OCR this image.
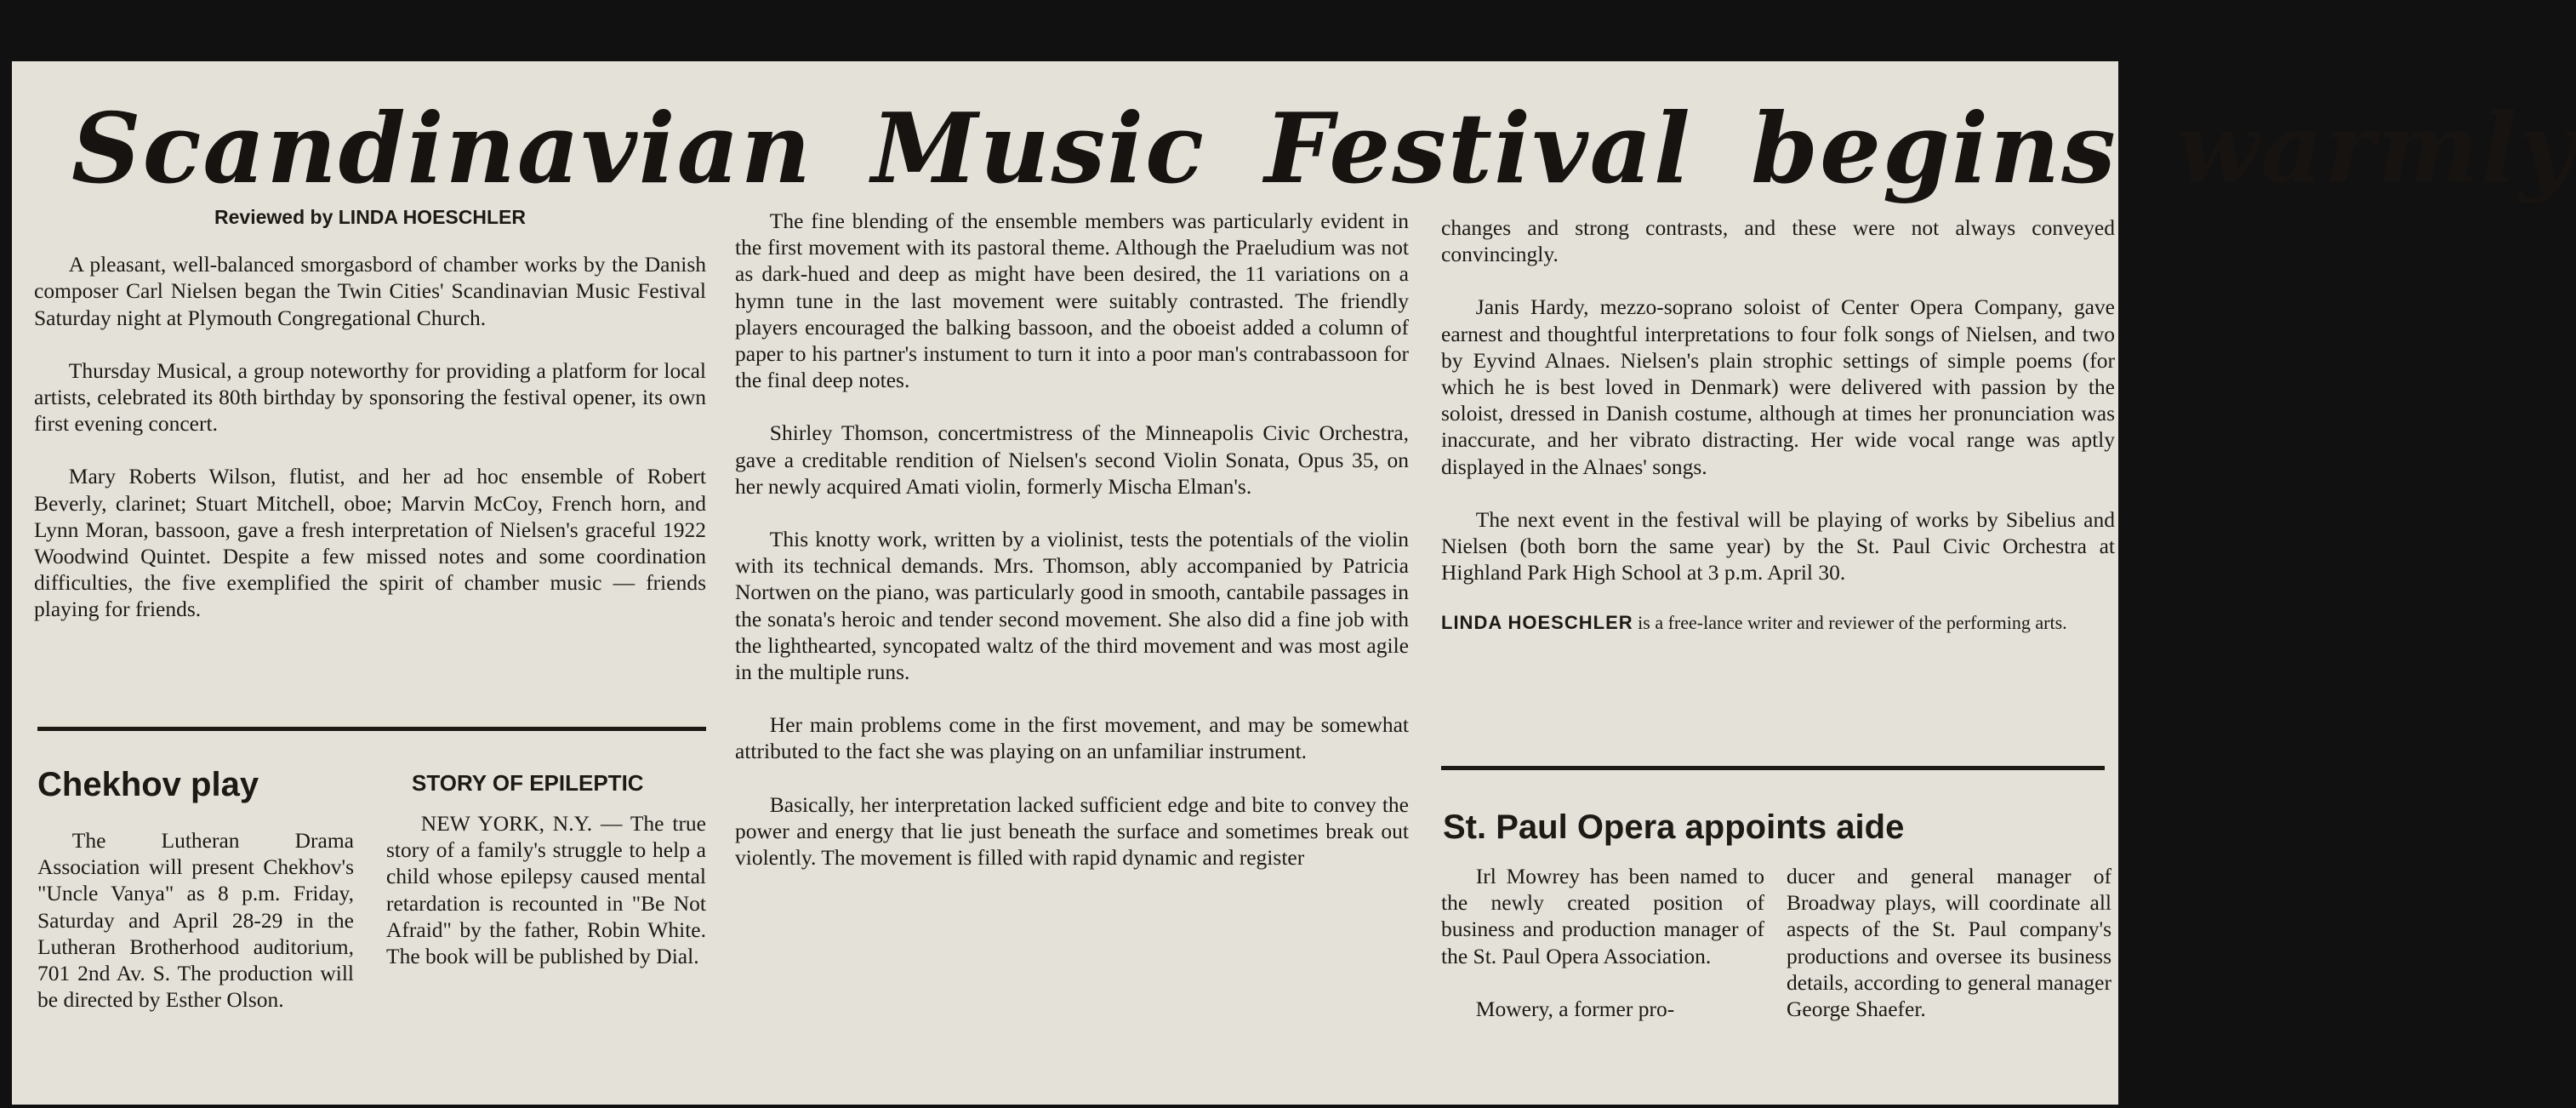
Scandinavian Music Festival begins warmly
Reviewed by LINDA HOESCHLER

A pleasant, well-balanced smorgasbord of chamber works by the Danish composer Carl Nielsen began the Twin Cities' Scandinavian Music Festival Saturday night at Plymouth Congregational Church.

Thursday Musical, a group noteworthy for providing a platform for local artists, celebrated its 80th birthday by sponsoring the festival opener, its own first evening concert.

Mary Roberts Wilson, flutist, and her ad hoc ensemble of Robert Beverly, clarinet; Stuart Mitchell, oboe; Marvin McCoy, French horn, and Lynn Moran, bassoon, gave a fresh interpretation of Nielsen's graceful 1922 Woodwind Quintet. Despite a few missed notes and some coordination difficulties, the five exemplified the spirit of chamber music — friends playing for friends.

Chekhov play

The Lutheran Drama Association will present Chekhov's "Uncle Vanya" as 8 p.m. Friday, Saturday and April 28-29 in the Lutheran Brotherhood auditorium, 701 2nd Av. S. The production will be directed by Esther Olson.

STORY OF EPILEPTIC

NEW YORK, N.Y. — The true story of a family's struggle to help a child whose epilepsy caused mental retardation is recounted in "Be Not Afraid" by the father, Robin White. The book will be published by Dial.

The fine blending of the ensemble members was particularly evident in the first movement with its pastoral theme. Although the Praeludium was not as dark-hued and deep as might have been desired, the 11 variations on a hymn tune in the last movement were suitably contrasted. The friendly players encouraged the balking bassoon, and the oboeist added a column of paper to his partner's instument to turn it into a poor man's contrabassoon for the final deep notes.

Shirley Thomson, concertmistress of the Minneapolis Civic Orchestra, gave a creditable rendition of Nielsen's second Violin Sonata, Opus 35, on her newly acquired Amati violin, formerly Mischa Elman's.

This knotty work, written by a violinist, tests the potentials of the violin with its technical demands. Mrs. Thomson, ably accompanied by Patricia Nortwen on the piano, was particularly good in smooth, cantabile passages in the sonata's heroic and tender second movement. She also did a fine job with the lighthearted, syncopated waltz of the third movement and was most agile in the multiple runs.

Her main problems come in the first movement, and may be somewhat attributed to the fact she was playing on an unfamiliar instrument.

Basically, her interpretation lacked sufficient edge and bite to convey the power and energy that lie just beneath the surface and sometimes break out violently. The movement is filled with rapid dynamic and register

changes and strong contrasts, and these were not always conveyed convincingly.

Janis Hardy, mezzo-soprano soloist of Center Opera Company, gave earnest and thoughtful interpretations to four folk songs of Nielsen, and two by Eyvind Alnaes. Nielsen's plain strophic settings of simple poems (for which he is best loved in Denmark) were delivered with passion by the soloist, dressed in Danish costume, although at times her pronunciation was inaccurate, and her vibrato distracting. Her wide vocal range was aptly displayed in the Alnaes' songs.

The next event in the festival will be playing of works by Sibelius and Nielsen (both born the same year) by the St. Paul Civic Orchestra at Highland Park High School at 3 p.m. April 30.

LINDA HOESCHLER is a free-lance writer and reviewer of the performing arts.

St. Paul Opera appoints aide

Irl Mowrey has been named to the newly created position of business and production manager of the St. Paul Opera Association.

Mowery, a former pro-

ducer and general manager of Broadway plays, will coordinate all aspects of the St. Paul company's productions and oversee its business details, according to general manager George Shaefer.
